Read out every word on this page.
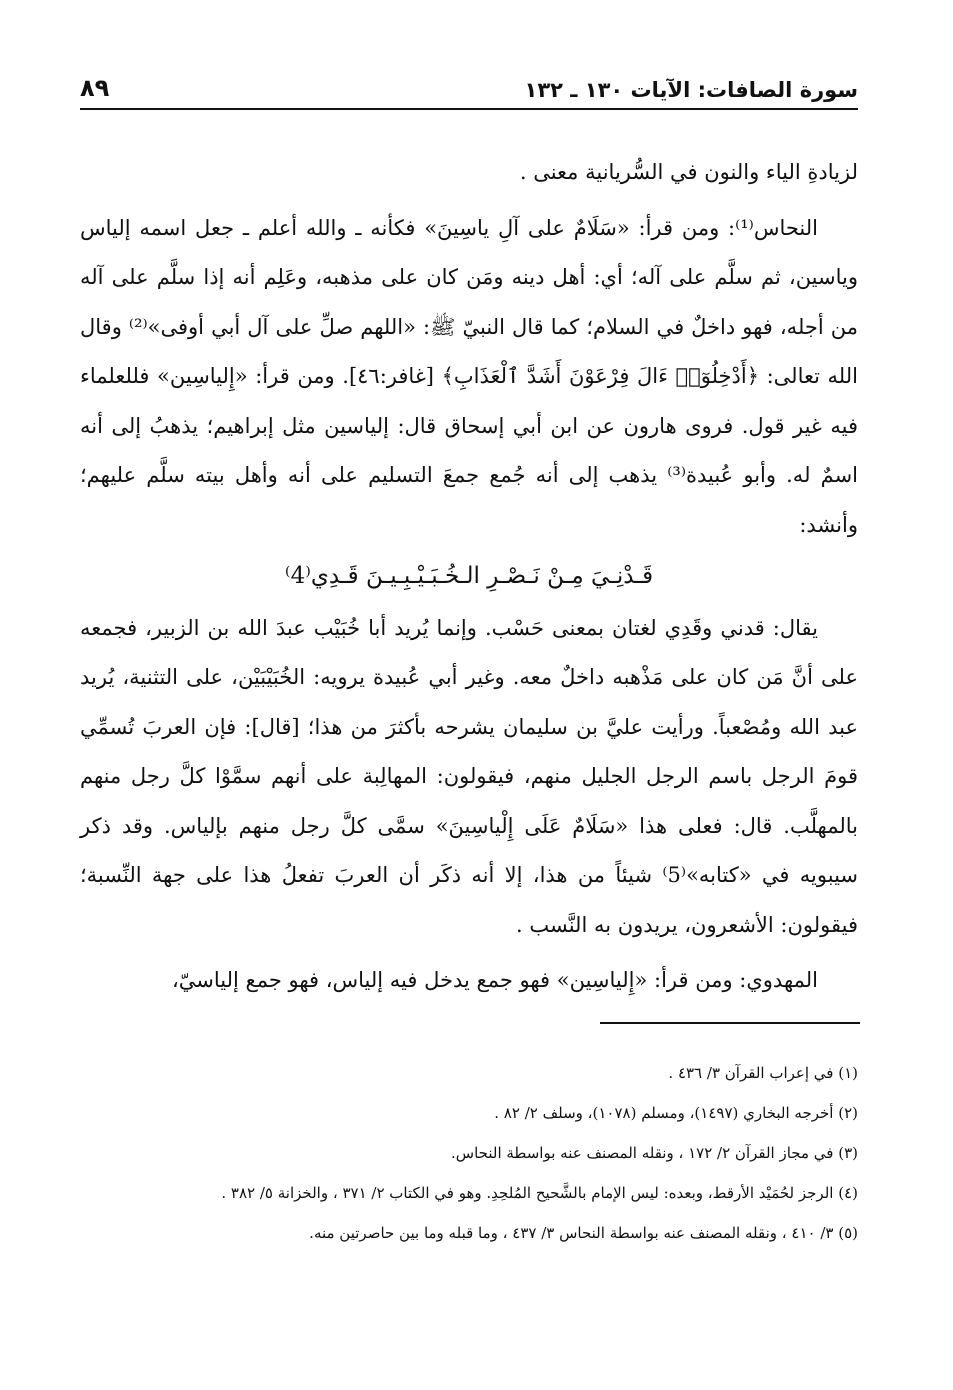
سورة الصافات: الآيات ١٣٠ ـ ١٣٢
٨٩

لزيادةِ الياء والنون في السُّريانية معنى .

النحاس⁽¹⁾: ومن قرأ: «سَلَامٌ على آلِ ياسِينَ» فكأنه ـ والله أعلم ـ جعل اسمه إلياس وياسين، ثم سلَّم على آله؛ أي: أهل دينه ومَن كان على مذهبه، وعَلِم أنه إذا سلَّم على آله من أجله، فهو داخلٌ في السلام؛ كما قال النبيّ ﷺ: «اللهم صلِّ على آل أبي أوفى»⁽²⁾ وقال الله تعالى: ﴿أَدْخِلُوٓا۟ ءَالَ فِرْعَوْنَ أَشَدَّ ٱلْعَذَابِ﴾ [غافر:٤٦]. ومن قرأ: «إِلياسِين» فللعلماء فيه غير قول. فروى هارون عن ابن أبي إسحاق قال: إلياسين مثل إبراهيم؛ يذهبُ إلى أنه اسمٌ له. وأبو عُبيدة⁽³⁾ يذهب إلى أنه جُمع جمعَ التسليم على أنه وأهل بيته سلَّم عليهم؛ وأنشد:

قَـدْنِـيَ مِـنْ نَـصْـرِ الـخُـبَـيْـبِـيـنَ قَـدِي⁽4⁾

يقال: قدني وقَدِي لغتان بمعنى حَسْب. وإنما يُريد أبا خُبَيْب عبدَ الله بن الزبير، فجمعه على أنَّ مَن كان على مَذْهبه داخلٌ معه. وغير أبي عُبيدة يرويه: الخُبَيْبَيْن، على التثنية، يُريد عبد الله ومُصْعباً. ورأيت عليَّ بن سليمان يشرحه بأكثرَ من هذا؛ [قال]: فإن العربَ تُسمِّي قومَ الرجل باسم الرجل الجليل منهم، فيقولون: المهالِبة على أنهم سمَّوْا كلَّ رجل منهم بالمهلَّب. قال: فعلى هذا «سَلَامٌ عَلَى إِلْياسِينَ» سمَّى كلَّ رجل منهم بإلياس. وقد ذكر سيبويه في «كتابه»⁽5⁾ شيئاً من هذا، إلا أنه ذكَر أن العربَ تفعلُ هذا على جهة النِّسبة؛ فيقولون: الأشعرون، يريدون به النَّسب .

المهدوي: ومن قرأ: «إِلياسِين» فهو جمع يدخل فيه إلياس، فهو جمع إلياسيّ،

(١) في إعراب القرآن ٣/ ٤٣٦ .

(٢) أخرجه البخاري (١٤٩٧)، ومسلم (١٠٧٨)، وسلف ٢/ ٨٢ .

(٣) في مجاز القرآن ٢/ ١٧٢ ، ونقله المصنف عنه بواسطة النحاس.

(٤) الرجز لحُمَيْد الأرقط، وبعده: ليس الإمام بالشَّحيح المُلحِدِ. وهو في الكتاب ٢/ ٣٧١ ، والخزانة ٥/ ٣٨٢ .

(٥) ٣/ ٤١٠ ، ونقله المصنف عنه بواسطة النحاس ٣/ ٤٣٧ ، وما قبله وما بين حاصرتين منه.
